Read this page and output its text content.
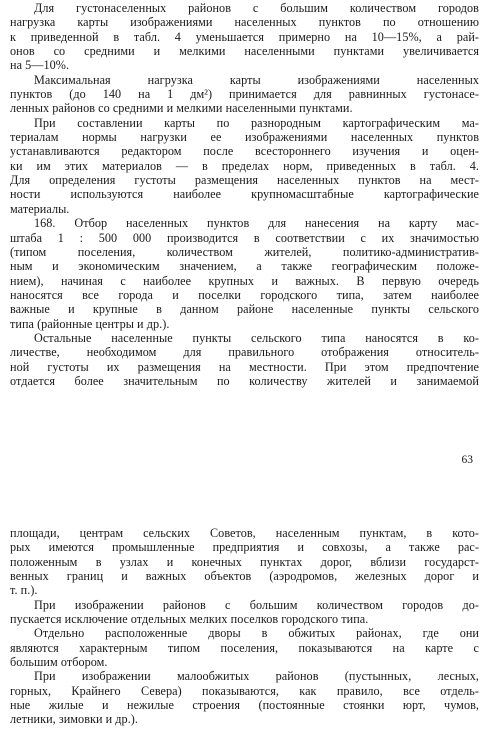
Для густонаселенных районов с большим количеством городов
нагрузка карты изображениями населенных пунктов по отношению
к приведенной в табл. 4 уменьшается примерно на 10—15%, а рай-
онов со средними и мелкими населенными пунктами увеличивается
на 5—10%.
Максимальная нагрузка карты изображениями населенных
пунктов (до 140 на 1 дм²) принимается для равнинных густонасе-
ленных районов со средними и мелкими населенными пунктами.
При составлении карты по разнородным картографическим ма-
териалам нормы нагрузки ее изображениями населенных пунктов
устанавливаются редактором после всестороннего изучения и оцен-
ки им этих материалов — в пределах норм, приведенных в табл. 4.
Для определения густоты размещения населенных пунктов на мест-
ности используются наиболее крупномасштабные картографические
материалы.
168. Отбор населенных пунктов для нанесения на карту мас-
штаба 1 : 500 000 производится в соответствии с их значимостью
(типом поселения, количеством жителей, политико-административ-
ным и экономическим значением, а также географическим положе-
нием), начиная с наиболее крупных и важных. В первую очередь
наносятся все города и поселки городского типа, затем наиболее
важные и крупные в данном районе населенные пункты сельского
типа (районные центры и др.).
Остальные населенные пункты сельского типа наносятся в ко-
личестве, необходимом для правильного отображения относитель-
ной густоты их размещения на местности. При этом предпочтение
отдается более значительным по количеству жителей и занимаемой
63
площади, центрам сельских Советов, населенным пунктам, в кото-
рых имеются промышленные предприятия и совхозы, а также рас-
положенным в узлах и конечных пунктах дорог, вблизи государст-
венных границ и важных объектов (аэродромов, железных дорог и
т. п.).
При изображении районов с большим количеством городов до-
пускается исключение отдельных мелких поселков городского типа.
Отдельно расположенные дворы в обжитых районах, где они
являются характерным типом поселения, показываются на карте с
большим отбором.
При изображении малообжитых районов (пустынных, лесных,
горных, Крайнего Севера) показываются, как правило, все отдель-
ные жилые и нежилые строения (постоянные стоянки юрт, чумов,
летники, зимовки и др.).
